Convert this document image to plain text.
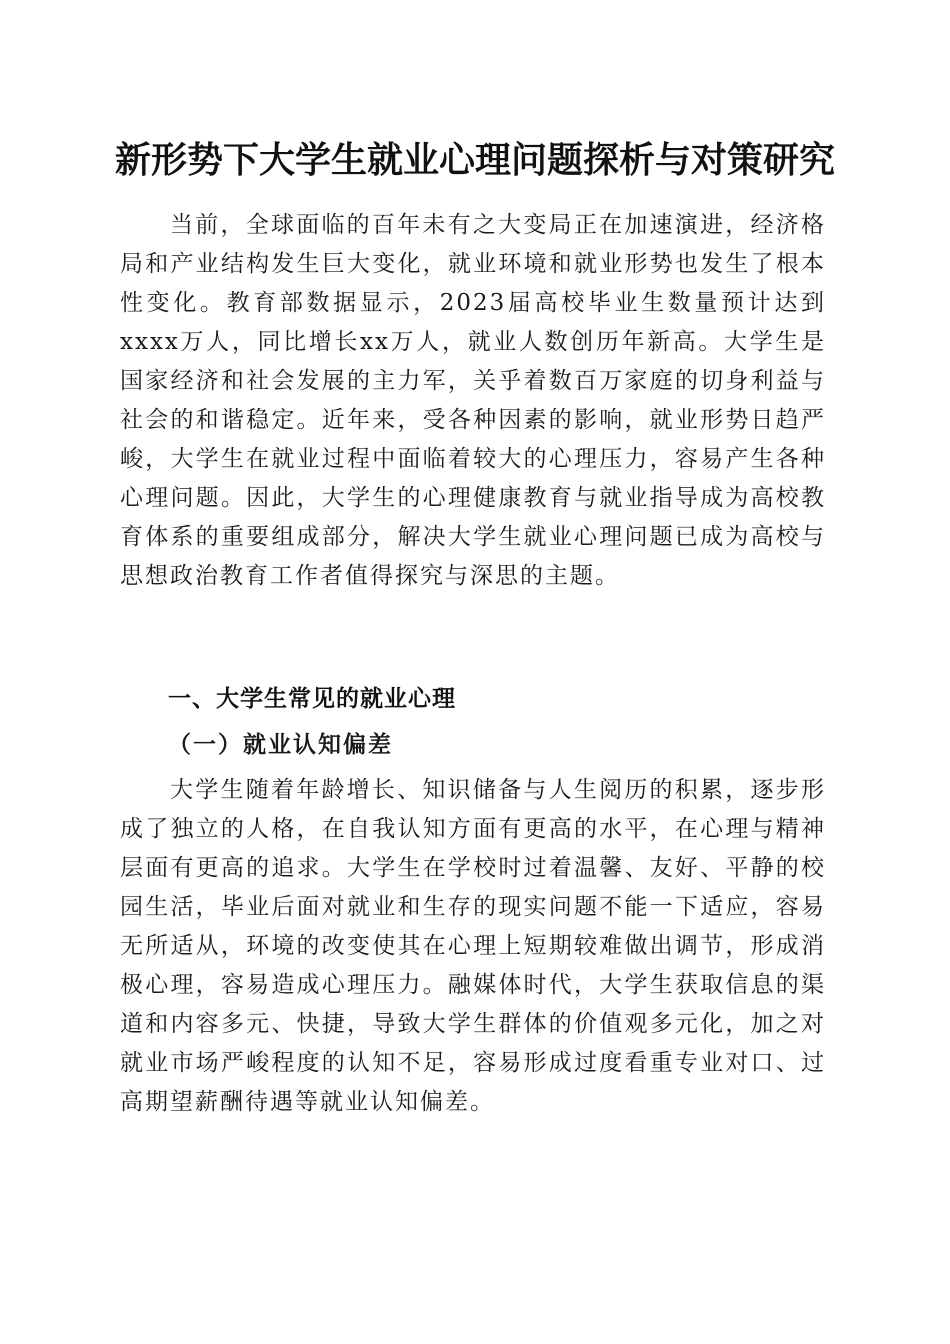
新形势下大学生就业心理问题探析与对策研究

当前，全球面临的百年未有之大变局正在加速演进，经济格局和产业结构发生巨大变化，就业环境和就业形势也发生了根本性变化。教育部数据显示，2023届高校毕业生数量预计达到xxxx万人，同比增长xx万人，就业人数创历年新高。大学生是国家经济和社会发展的主力军，关乎着数百万家庭的切身利益与社会的和谐稳定。近年来，受各种因素的影响，就业形势日趋严峻，大学生在就业过程中面临着较大的心理压力，容易产生各种心理问题。因此，大学生的心理健康教育与就业指导成为高校教育体系的重要组成部分，解决大学生就业心理问题已成为高校与思想政治教育工作者值得探究与深思的主题。

一、大学生常见的就业心理
（一）就业认知偏差

大学生随着年龄增长、知识储备与人生阅历的积累，逐步形成了独立的人格，在自我认知方面有更高的水平，在心理与精神层面有更高的追求。大学生在学校时过着温馨、友好、平静的校园生活，毕业后面对就业和生存的现实问题不能一下适应，容易无所适从，环境的改变使其在心理上短期较难做出调节，形成消极心理，容易造成心理压力。融媒体时代，大学生获取信息的渠道和内容多元、快捷，导致大学生群体的价值观多元化，加之对就业市场严峻程度的认知不足，容易形成过度看重专业对口、过高期望薪酬待遇等就业认知偏差。
